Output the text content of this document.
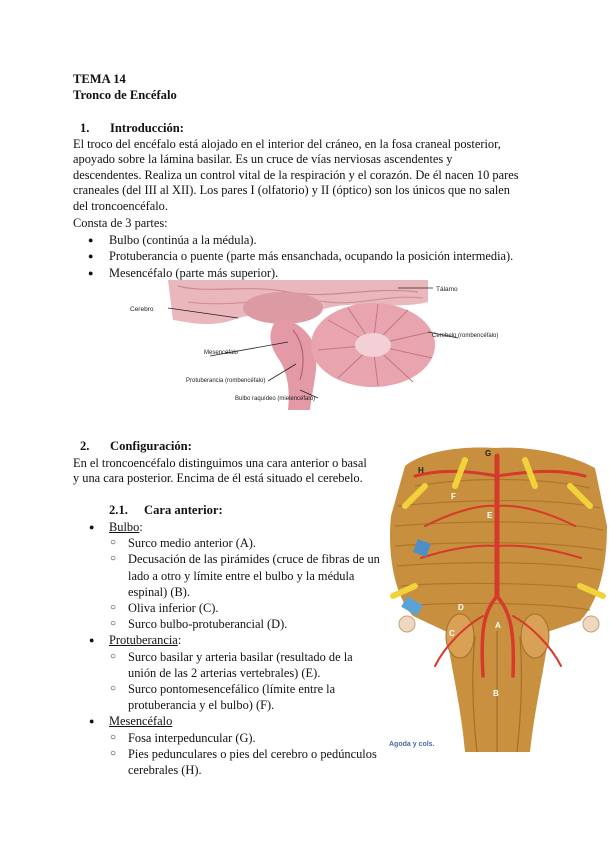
TEMA 14
Tronco de Encéfalo
1. Introducción:
El troco del encéfalo está alojado en el interior del cráneo, en la fosa craneal posterior, apoyado sobre la lámina basilar. Es un cruce de vías nerviosas ascendentes y descendentes. Realiza un control vital de la respiración y el corazón. De él nacen 10 pares craneales (del III al XII). Los pares I (olfatorio) y II (óptico) son los únicos que no salen del troncoencéfalo.
Consta de 3 partes:
● Bulbo (continúa a la médula).
● Protuberancia o puente (parte más ensanchada, ocupando la posición intermedia).
● Mesencéfalo (parte más superior).
Cerebro
Tálamo
Cerebelo (rombencéfalo)
Mesencéfalo
Protuberancia (rombencéfalo)
Bulbo raquídeo (mielencéfalo)
2. Configuración:
En el troncoencéfalo distinguimos una cara anterior o basal y una cara posterior. Encima de él está situado el cerebelo.
2.1. Cara anterior:
● Bulbo:
○ Surco medio anterior (A).
○ Decusación de las pirámides (cruce de fibras de un lado a otro y límite entre el bulbo y la médula espinal) (B).
○ Oliva inferior (C).
○ Surco bulbo-protuberancial (D).
● Protuberancia:
○ Surco basilar y arteria basilar (resultado de la unión de las 2 arterias vertebrales) (E).
○ Surco pontomesencefálico (límite entre la protuberancia y el bulbo) (F).
● Mesencéfalo
○ Fosa interpeduncular (G).
○ Pies pedunculares o pies del cerebro o pedúnculos cerebrales (H).
G
H
F
E
D
C
A
B
Agoda y cols.
